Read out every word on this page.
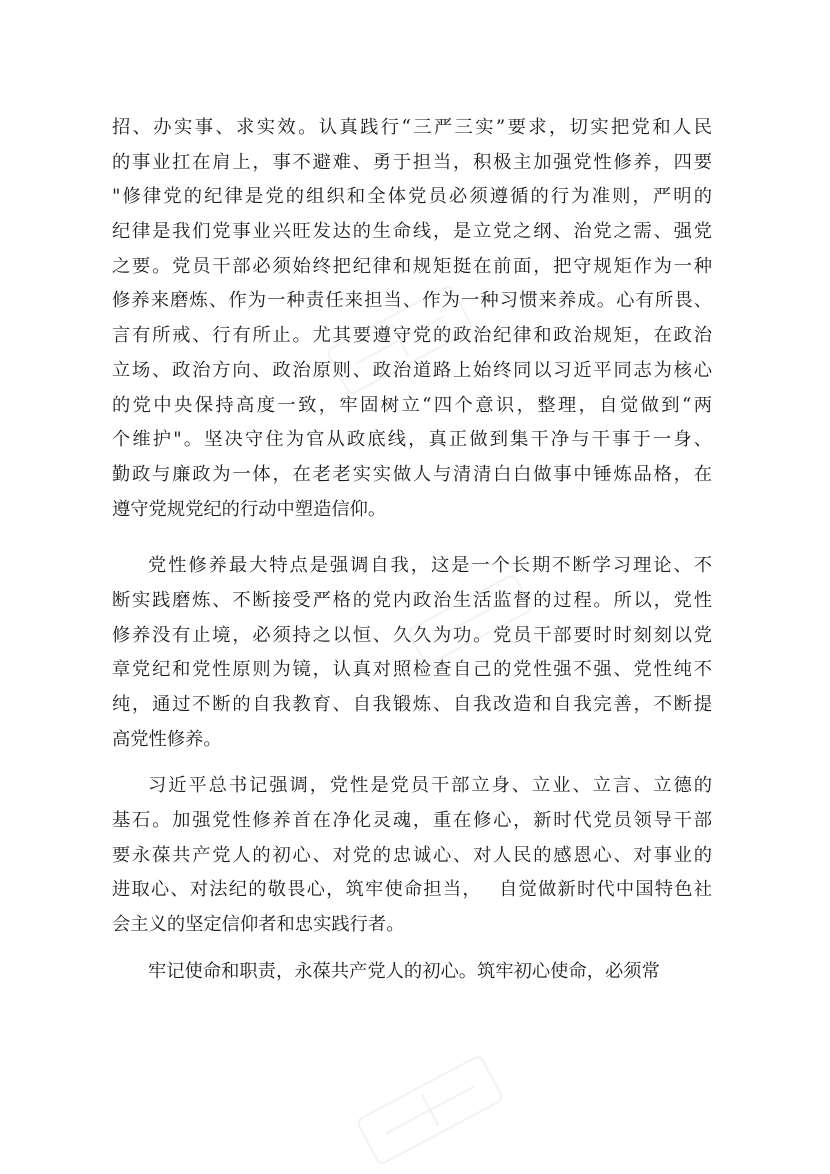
招、办实事、求实效。认真践行“三严三实”要求，切实把党和人民
的事业扛在肩上，事不避难、勇于担当，积极主加强党性修养，四要
"修律党的纪律是党的组织和全体党员必须遵循的行为准则，严明的
纪律是我们党事业兴旺发达的生命线，是立党之纲、治党之需、强党
之要。党员干部必须始终把纪律和规矩挺在前面，把守规矩作为一种
修养来磨炼、作为一种责任来担当、作为一种习惯来养成。心有所畏、
言有所戒、行有所止。尤其要遵守党的政治纪律和政治规矩，在政治
立场、政治方向、政治原则、政治道路上始终同以习近平同志为核心
的党中央保持高度一致，牢固树立“四个意识，整理，自觉做到“两
个维护"。坚决守住为官从政底线，真正做到集干净与干事于一身、
勤政与廉政为一体，在老老实实做人与清清白白做事中锤炼品格，在
遵守党规党纪的行动中塑造信仰。
党性修养最大特点是强调自我，这是一个长期不断学习理论、不
断实践磨炼、不断接受严格的党内政治生活监督的过程。所以，党性
修养没有止境，必须持之以恒、久久为功。党员干部要时时刻刻以党
章党纪和党性原则为镜，认真对照检查自己的党性强不强、党性纯不
纯，通过不断的自我教育、自我锻炼、自我改造和自我完善，不断提
高党性修养。
习近平总书记强调，党性是党员干部立身、立业、立言、立德的
基石。加强党性修养首在净化灵魂，重在修心，新时代党员领导干部
要永葆共产党人的初心、对党的忠诚心、对人民的感恩心、对事业的
进取心、对法纪的敬畏心，筑牢使命担当，　 自觉做新时代中国特色社
会主义的坚定信仰者和忠实践行者。
牢记使命和职责，永葆共产党人的初心。筑牢初心使命，必须常
